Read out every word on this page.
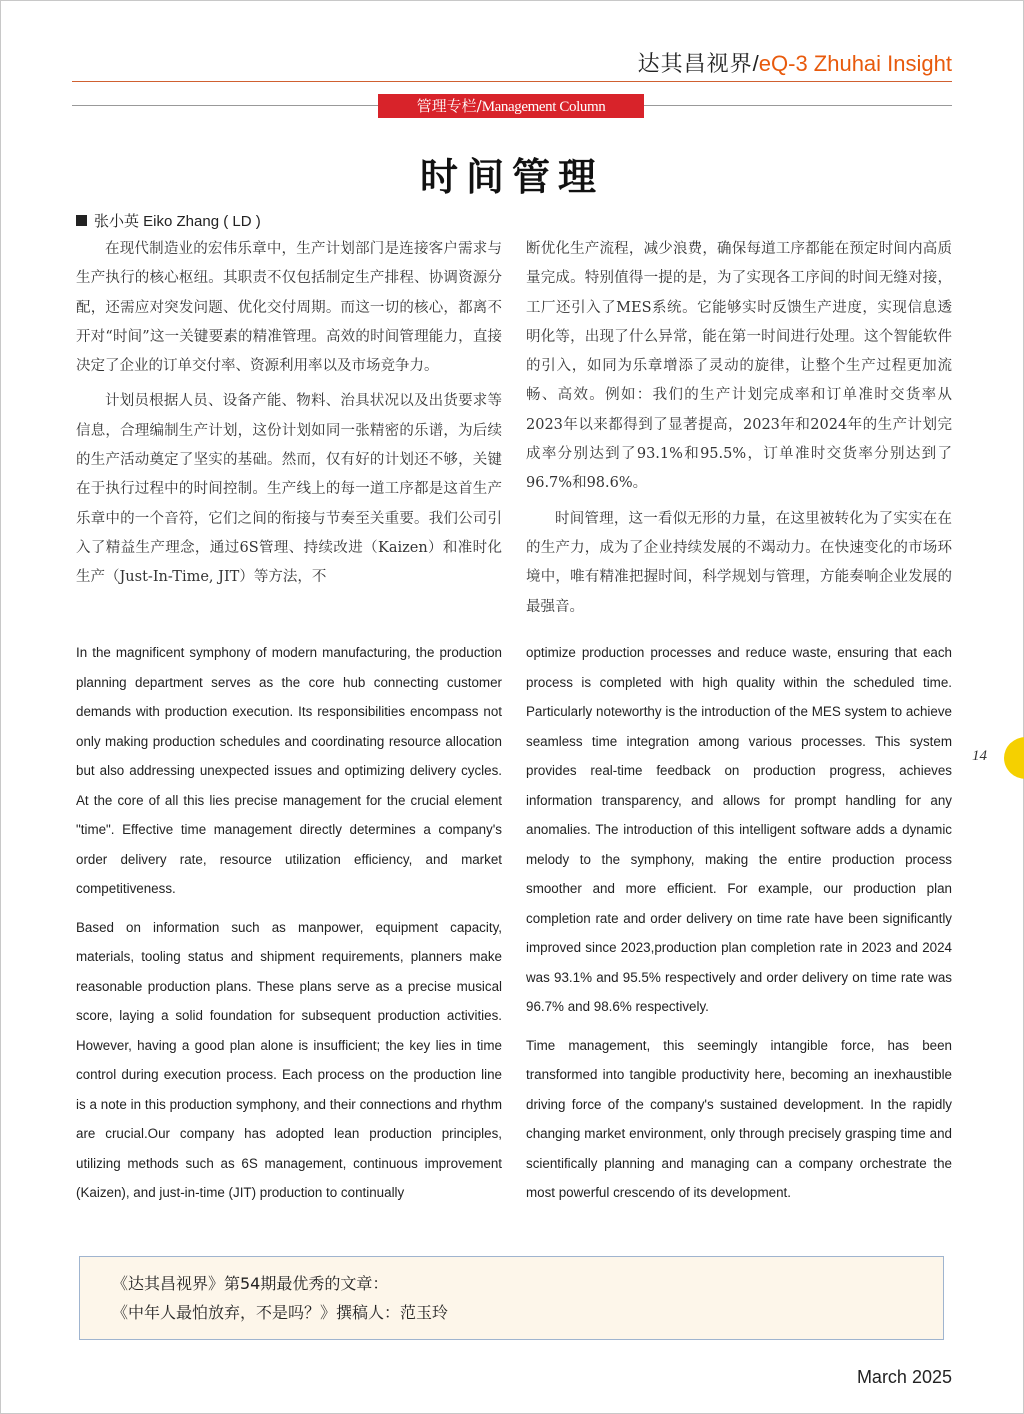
达其昌视界/eQ-3 Zhuhai Insight
管理专栏/Management Column
时间管理
张小英 Eiko Zhang ( LD )

在现代制造业的宏伟乐章中，生产计划部门是连接客户需求与生产执行的核心枢纽。其职责不仅包括制定生产排程、协调资源分配，还需应对突发问题、优化交付周期。而这一切的核心，都离不开对“时间”这一关键要素的精准管理。高效的时间管理能力，直接决定了企业的订单交付率、资源利用率以及市场竞争力。

计划员根据人员、设备产能、物料、治具状况以及出货要求等信息，合理编制生产计划，这份计划如同一张精密的乐谱，为后续的生产活动奠定了坚实的基础。然而，仅有好的计划还不够，关键在于执行过程中的时间控制。生产线上的每一道工序都是这首生产乐章中的一个音符，它们之间的衔接与节奏至关重要。我们公司引入了精益生产理念，通过6S管理、持续改进（Kaizen）和准时化生产（Just-In-Time, JIT）等方法，不

断优化生产流程，减少浪费，确保每道工序都能在预定时间内高质量完成。特别值得一提的是，为了实现各工序间的时间无缝对接，工厂还引入了MES系统。它能够实时反馈生产进度，实现信息透明化等，出现了什么异常，能在第一时间进行处理。这个智能软件的引入，如同为乐章增添了灵动的旋律，让整个生产过程更加流畅、高效。例如：我们的生产计划完成率和订单准时交货率从2023年以来都得到了显著提高，2023年和2024年的生产计划完成率分别达到了93.1%和95.5%，订单准时交货率分别达到了96.7%和98.6%。

时间管理，这一看似无形的力量，在这里被转化为了实实在在的生产力，成为了企业持续发展的不竭动力。在快速变化的市场环境中，唯有精准把握时间，科学规划与管理，方能奏响企业发展的最强音。

In the magnificent symphony of modern manufacturing, the production planning department serves as the core hub connecting customer demands with production execution. Its responsibilities encompass not only making production schedules and coordinating resource allocation but also addressing unexpected issues and optimizing delivery cycles. At the core of all this lies precise management for the crucial element "time". Effective time management directly determines a company's order delivery rate, resource utilization efficiency, and market competitiveness.

Based on information such as manpower, equipment capacity, materials, tooling status and shipment requirements, planners make reasonable production plans. These plans serve as a precise musical score, laying a solid foundation for subsequent production activities. However, having a good plan alone is insufficient; the key lies in time control during execution process. Each process on the production line is a note in this production symphony, and their connections and rhythm are crucial.Our company has adopted lean production principles, utilizing methods such as 6S management, continuous improvement (Kaizen), and just-in-time (JIT) production to continually

optimize production processes and reduce waste, ensuring that each process is completed with high quality within the scheduled time. Particularly noteworthy is the introduction of the MES system to achieve seamless time integration among various processes. This system provides real-time feedback on production progress, achieves information transparency, and allows for prompt handling for any anomalies. The introduction of this intelligent software adds a dynamic melody to the symphony, making the entire production process smoother and more efficient. For example, our production plan completion rate and order delivery on time rate have been significantly improved since 2023,production plan completion rate in 2023 and 2024 was 93.1% and 95.5% respectively and order delivery on time rate was 96.7% and 98.6% respectively.

Time management, this seemingly intangible force, has been transformed into tangible productivity here, becoming an inexhaustible driving force of the company's sustained development. In the rapidly changing market environment, only through precisely grasping time and scientifically planning and managing can a company orchestrate the most powerful crescendo of its development.

14
《达其昌视界》第54期最优秀的文章：
《中年人最怕放弃，不是吗？》撰稿人：范玉玲
March 2025
